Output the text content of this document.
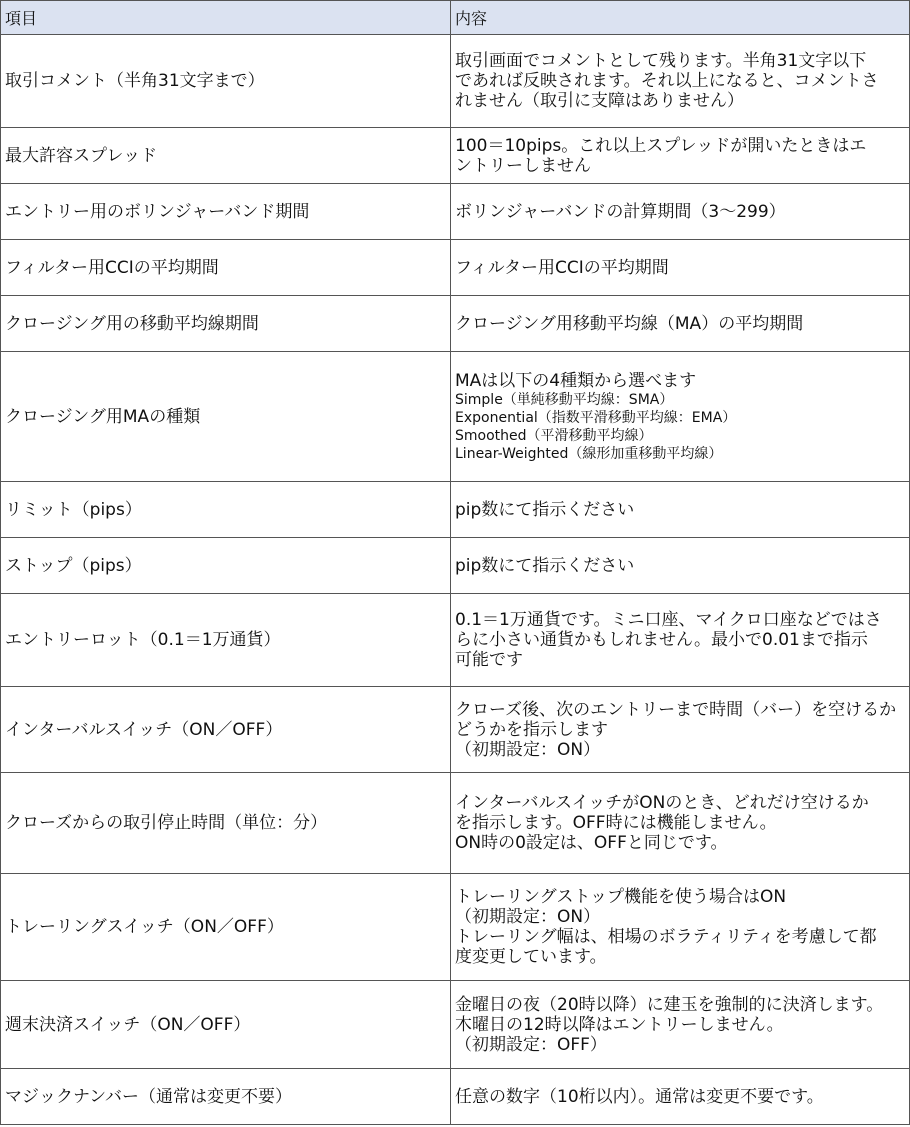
項目	内容
取引コメント（半角31文字まで）	取引画面でコメントとして残ります。半角31文字以下
であれば反映されます。それ以上になると、コメントさ
れません（取引に支障はありません）

最大許容スプレッド	100＝10pips。これ以上スプレッドが開いたときはエ
ントリーしません

エントリー用のボリンジャーバンド期間	ボリンジャーバンドの計算期間（3～299）

フィルター用CCIの平均期間	フィルター用CCIの平均期間

クロージング用の移動平均線期間	クロージング用移動平均線（MA）の平均期間

クロージング用MAの種類	MAは以下の4種類から選べます
Simple（単純移動平均線：SMA）
Exponential（指数平滑移動平均線：EMA）
Smoothed（平滑移動平均線）
Linear-Weighted（線形加重移動平均線）

リミット（pips）	pip数にて指示ください

ストップ（pips）	pip数にて指示ください

エントリーロット（0.1＝1万通貨）	0.1＝1万通貨です。ミニ口座、マイクロ口座などではさ
らに小さい通貨かもしれません。最小で0.01まで指示
可能です

インターバルスイッチ（ON／OFF）	クローズ後、次のエントリーまで時間（バー）を空けるか
どうかを指示します
（初期設定：ON）

クローズからの取引停止時間（単位：分）	インターバルスイッチがONのとき、どれだけ空けるか
を指示します。OFF時には機能しません。
ON時の0設定は、OFFと同じです。

トレーリングスイッチ（ON／OFF）	トレーリングストップ機能を使う場合はON
（初期設定：ON）
トレーリング幅は、相場のボラティリティを考慮して都
度変更しています。

週末決済スイッチ（ON／OFF）	金曜日の夜（20時以降）に建玉を強制的に決済します。
木曜日の12時以降はエントリーしません。
（初期設定：OFF）

マジックナンバー（通常は変更不要）	任意の数字（10桁以内）。通常は変更不要です。
